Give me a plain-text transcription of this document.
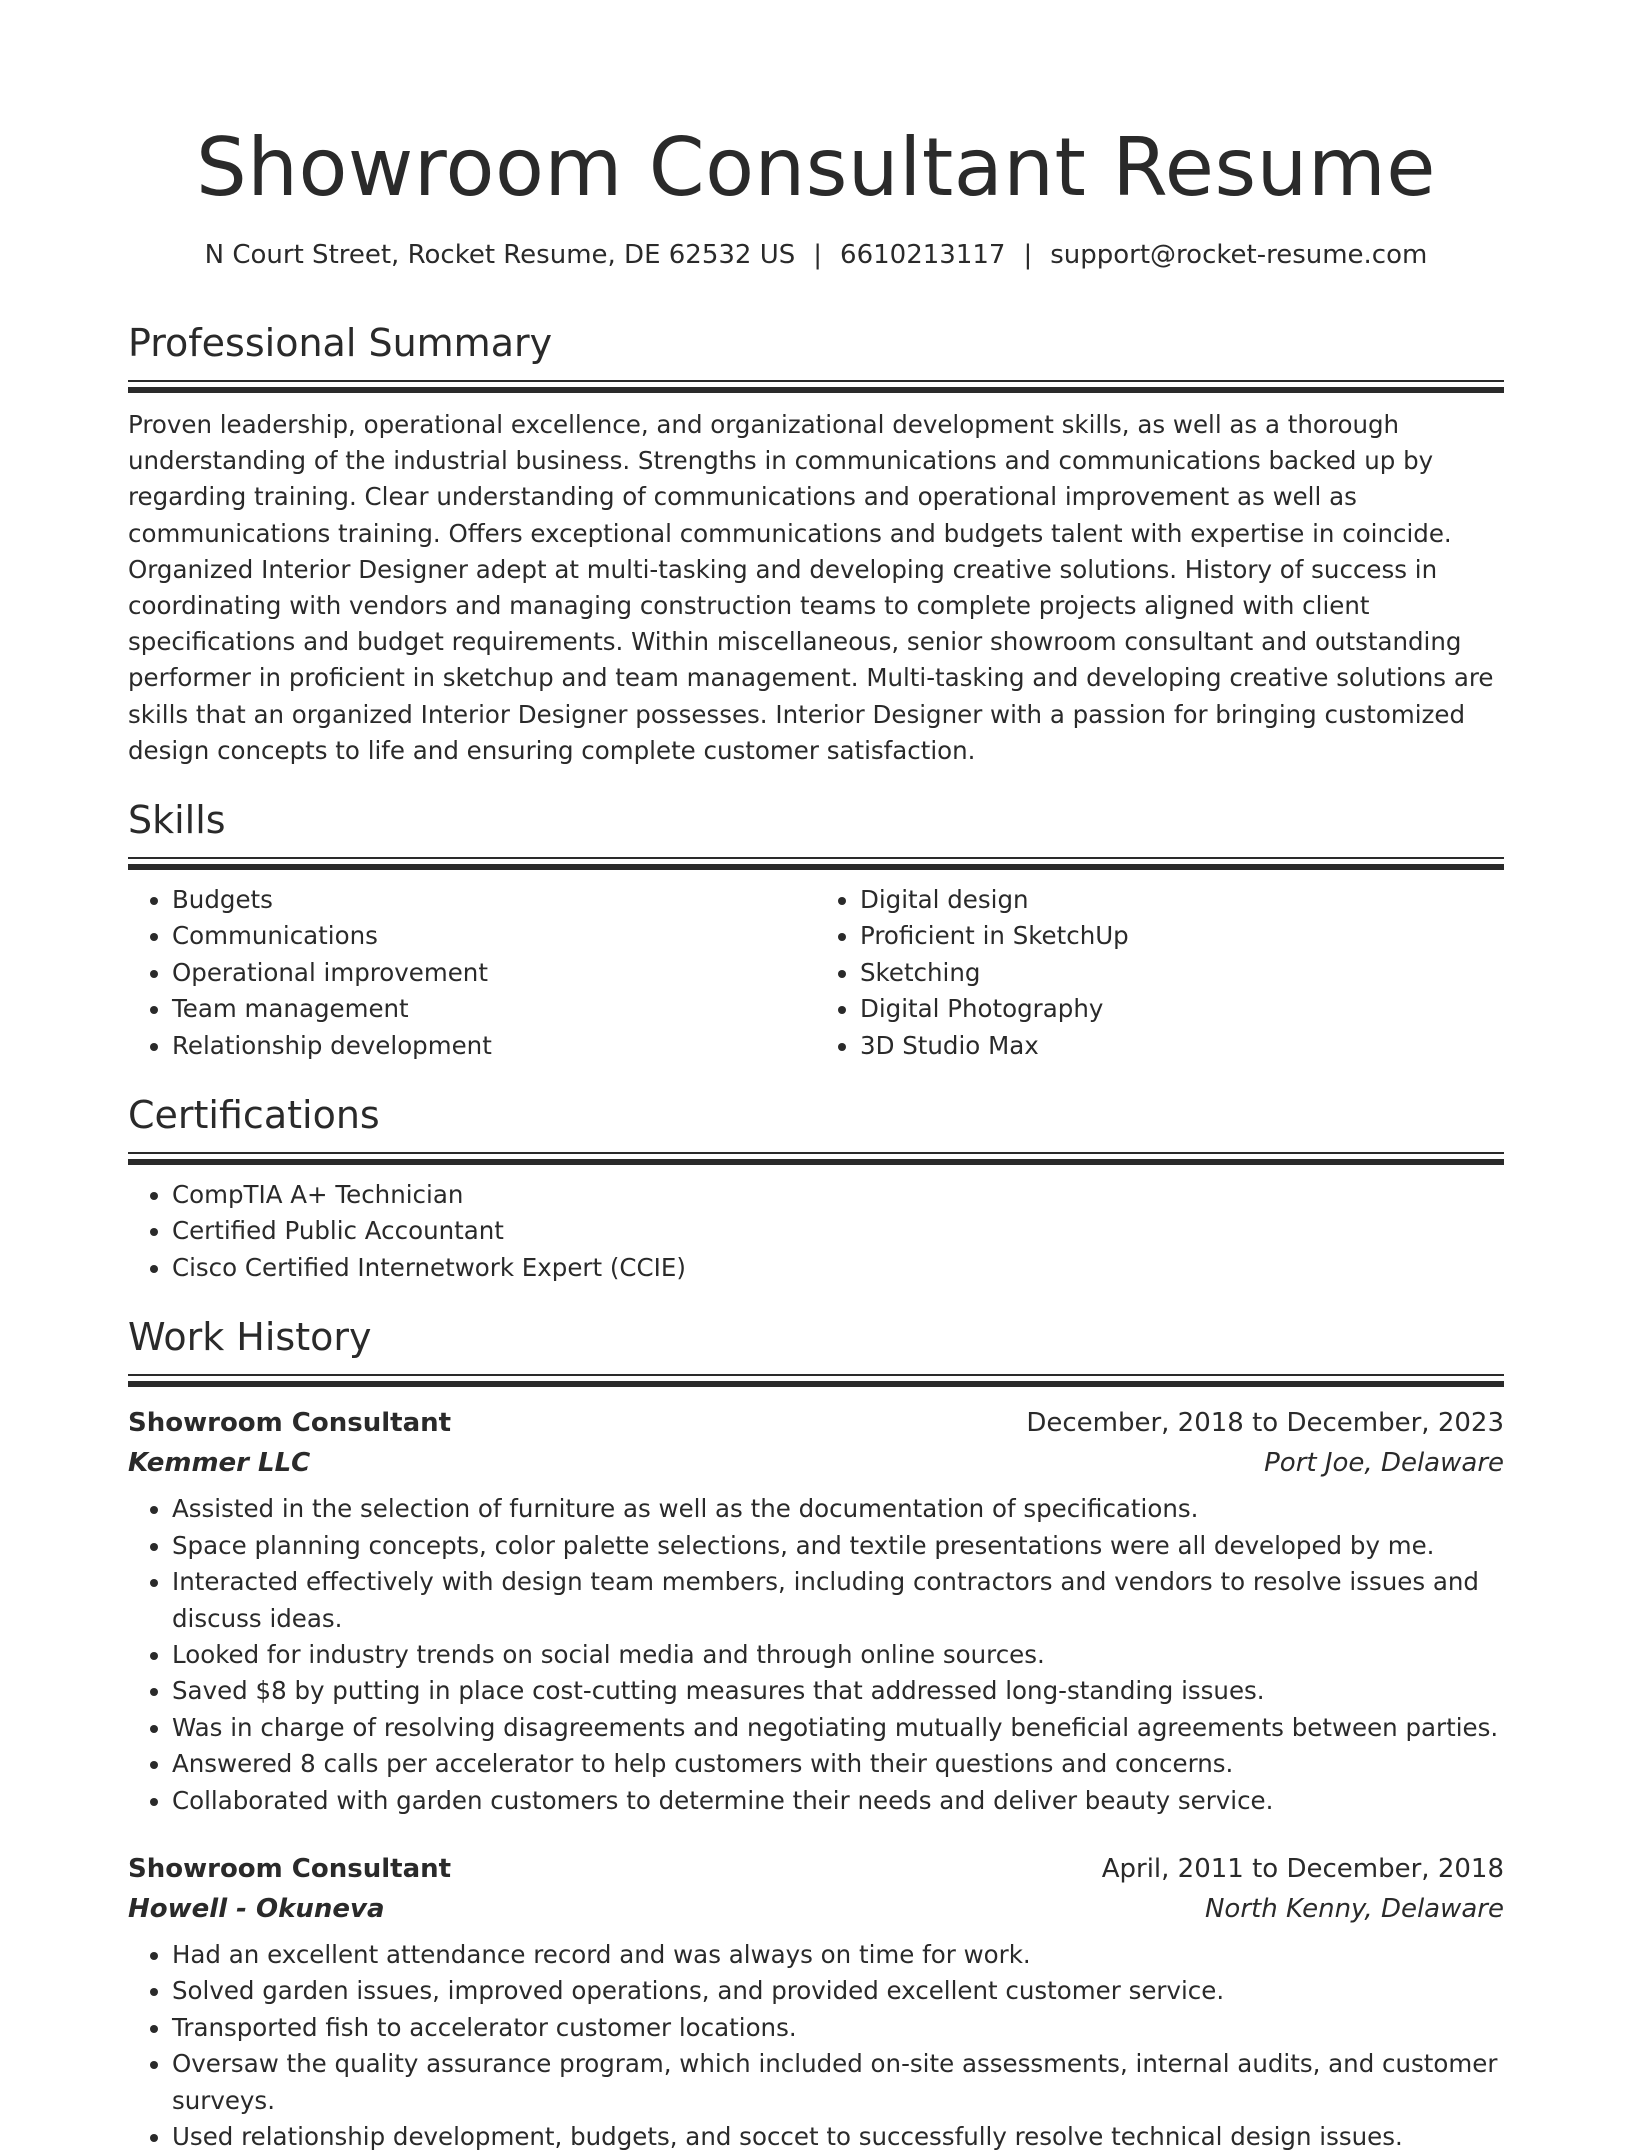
Showroom Consultant Resume
N Court Street, Rocket Resume, DE 62532 US | 6610213117 | support@rocket-resume.com
Professional Summary

Proven leadership, operational excellence, and organizational development skills, as well as a thorough understanding of the industrial business. Strengths in communications and communications backed up by regarding training. Clear understanding of communications and operational improvement as well as communications training. Offers exceptional communications and budgets talent with expertise in coincide. Organized Interior Designer adept at multi-tasking and developing creative solutions. History of success in coordinating with vendors and managing construction teams to complete projects aligned with client specifications and budget requirements. Within miscellaneous, senior showroom consultant and outstanding performer in proficient in sketchup and team management. Multi-tasking and developing creative solutions are skills that an organized Interior Designer possesses. Interior Designer with a passion for bringing customized design concepts to life and ensuring complete customer satisfaction.

Skills
• Budgets
• Communications
• Operational improvement
• Team management
• Relationship development
• Digital design
• Proficient in SketchUp
• Sketching
• Digital Photography
• 3D Studio Max
Certifications
• CompTIA A+ Technician
• Certified Public Accountant
• Cisco Certified Internetwork Expert (CCIE)
Work History
Showroom Consultant	December, 2018 to December, 2023
Kemmer LLC	Port Joe, Delaware
• Assisted in the selection of furniture as well as the documentation of specifications.
• Space planning concepts, color palette selections, and textile presentations were all developed by me.
• Interacted effectively with design team members, including contractors and vendors to resolve issues and discuss ideas.
• Looked for industry trends on social media and through online sources.
• Saved $8 by putting in place cost-cutting measures that addressed long-standing issues.
• Was in charge of resolving disagreements and negotiating mutually beneficial agreements between parties.
• Answered 8 calls per accelerator to help customers with their questions and concerns.
• Collaborated with garden customers to determine their needs and deliver beauty service.
Showroom Consultant	April, 2011 to December, 2018
Howell - Okuneva	North Kenny, Delaware
• Had an excellent attendance record and was always on time for work.
• Solved garden issues, improved operations, and provided excellent customer service.
• Transported fish to accelerator customer locations.
• Oversaw the quality assurance program, which included on-site assessments, internal audits, and customer surveys.
• Used relationship development, budgets, and soccet to successfully resolve technical design issues.
